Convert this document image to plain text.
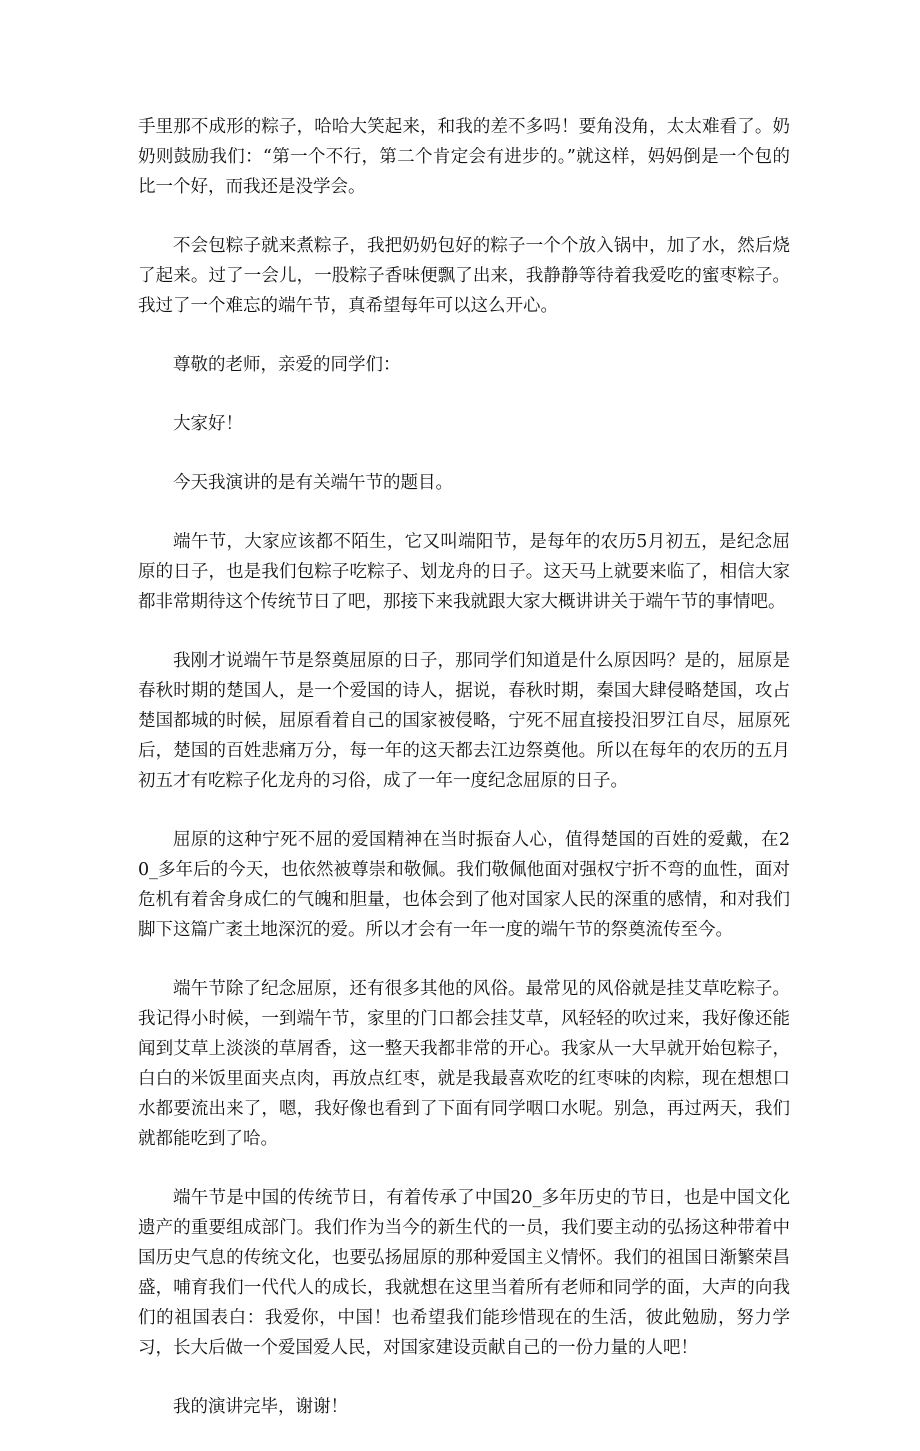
手里那不成形的粽子，哈哈大笑起来，和我的差不多吗！要角没角，太太难看了。奶奶则鼓励我们：“第一个不行，第二个肯定会有进步的。”就这样，妈妈倒是一个包的比一个好，而我还是没学会。

不会包粽子就来煮粽子，我把奶奶包好的粽子一个个放入锅中，加了水，然后烧了起来。过了一会儿，一股粽子香味便飘了出来，我静静等待着我爱吃的蜜枣粽子。我过了一个难忘的端午节，真希望每年可以这么开心。

尊敬的老师，亲爱的同学们：

大家好！

今天我演讲的是有关端午节的题目。

端午节，大家应该都不陌生，它又叫端阳节，是每年的农历5月初五，是纪念屈原的日子，也是我们包粽子吃粽子、划龙舟的日子。这天马上就要来临了，相信大家都非常期待这个传统节日了吧，那接下来我就跟大家大概讲讲关于端午节的事情吧。

我刚才说端午节是祭奠屈原的日子，那同学们知道是什么原因吗？是的，屈原是春秋时期的楚国人，是一个爱国的诗人，据说，春秋时期，秦国大肆侵略楚国，攻占楚国都城的时候，屈原看着自己的国家被侵略，宁死不屈直接投汨罗江自尽，屈原死后，楚国的百姓悲痛万分，每一年的这天都去江边祭奠他。所以在每年的农历的五月初五才有吃粽子化龙舟的习俗，成了一年一度纪念屈原的日子。

屈原的这种宁死不屈的爱国精神在当时振奋人心，值得楚国的百姓的爱戴，在20_多年后的今天，也依然被尊崇和敬佩。我们敬佩他面对强权宁折不弯的血性，面对危机有着舍身成仁的气魄和胆量，也体会到了他对国家人民的深重的感情，和对我们脚下这篇广袤土地深沉的爱。所以才会有一年一度的端午节的祭奠流传至今。

端午节除了纪念屈原，还有很多其他的风俗。最常见的风俗就是挂艾草吃粽子。我记得小时候，一到端午节，家里的门口都会挂艾草，风轻轻的吹过来，我好像还能闻到艾草上淡淡的草屑香，这一整天我都非常的开心。我家从一大早就开始包粽子，白白的米饭里面夹点肉，再放点红枣，就是我最喜欢吃的红枣味的肉粽，现在想想口水都要流出来了，嗯，我好像也看到了下面有同学咽口水呢。别急，再过两天，我们就都能吃到了哈。

端午节是中国的传统节日，有着传承了中国20_多年历史的节日，也是中国文化遗产的重要组成部门。我们作为当今的新生代的一员，我们要主动的弘扬这种带着中国历史气息的传统文化，也要弘扬屈原的那种爱国主义情怀。我们的祖国日渐繁荣昌盛，哺育我们一代代人的成长，我就想在这里当着所有老师和同学的面，大声的向我们的祖国表白：我爱你，中国！也希望我们能珍惜现在的生活，彼此勉励，努力学习，长大后做一个爱国爱人民，对国家建设贡献自己的一份力量的人吧！

我的演讲完毕，谢谢！
